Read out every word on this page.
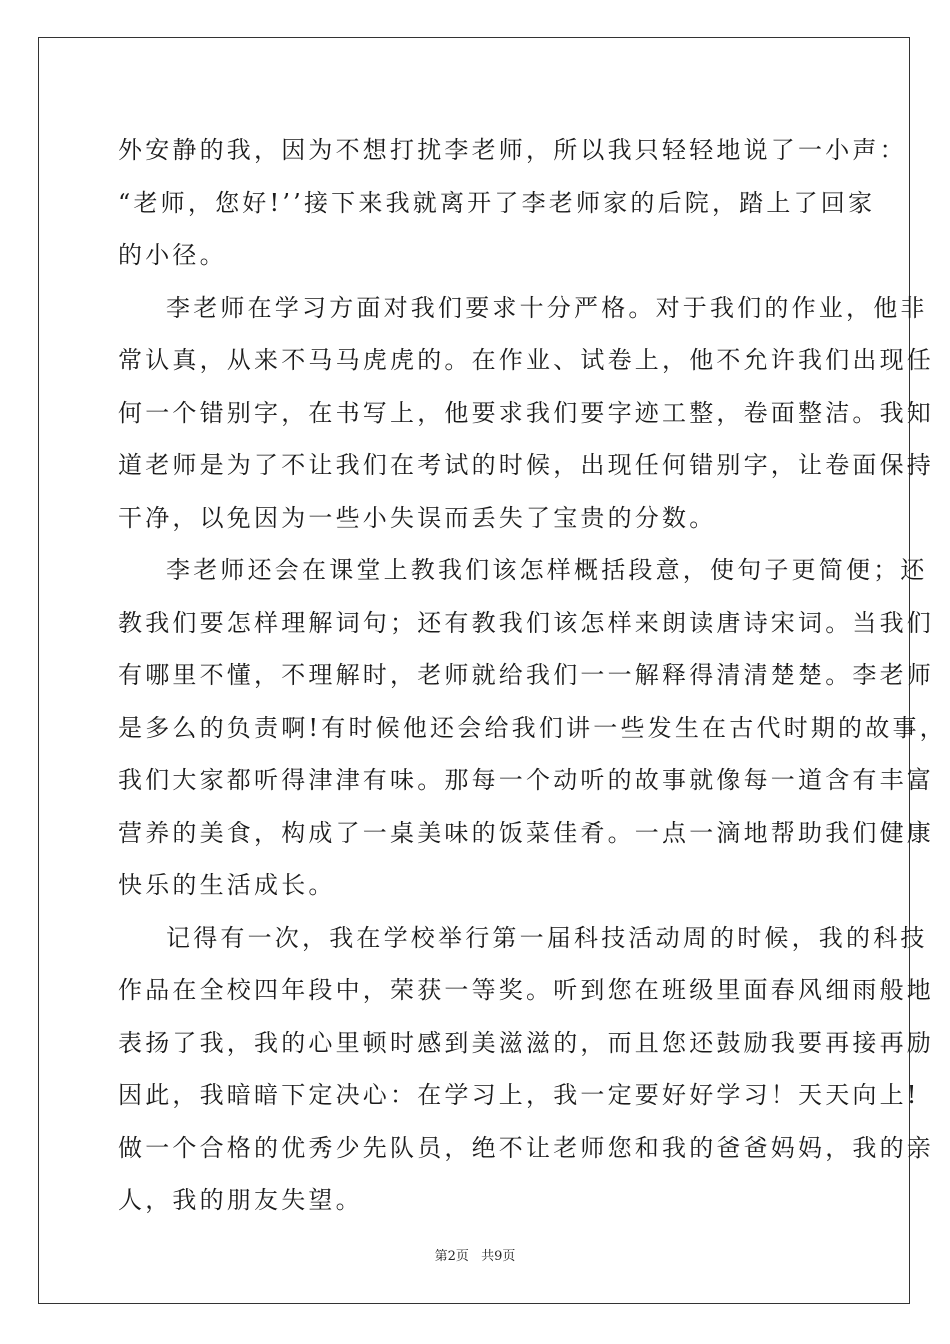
外安静的我，因为不想打扰李老师，所以我只轻轻地说了一小声：
“老师，您好!’’接下来我就离开了李老师家的后院，踏上了回家
的小径。
李老师在学习方面对我们要求十分严格。对于我们的作业，他非
常认真，从来不马马虎虎的。在作业、试卷上，他不允许我们出现任
何一个错别字，在书写上，他要求我们要字迹工整，卷面整洁。我知
道老师是为了不让我们在考试的时候，出现任何错别字，让卷面保持
干净，以免因为一些小失误而丢失了宝贵的分数。
李老师还会在课堂上教我们该怎样概括段意，使句子更简便；还
教我们要怎样理解词句；还有教我们该怎样来朗读唐诗宋词。当我们
有哪里不懂，不理解时，老师就给我们一一解释得清清楚楚。李老师
是多么的负责啊!有时候他还会给我们讲一些发生在古代时期的故事，
我们大家都听得津津有味。那每一个动听的故事就像每一道含有丰富
营养的美食，构成了一桌美味的饭菜佳肴。一点一滴地帮助我们健康
快乐的生活成长。
记得有一次，我在学校举行第一届科技活动周的时候，我的科技
作品在全校四年段中，荣获一等奖。听到您在班级里面春风细雨般地
表扬了我，我的心里顿时感到美滋滋的，而且您还鼓励我要再接再励
因此，我暗暗下定决心：在学习上，我一定要好好学习！天天向上!
做一个合格的优秀少先队员，绝不让老师您和我的爸爸妈妈，我的亲
人，我的朋友失望。
第2页 共9页
